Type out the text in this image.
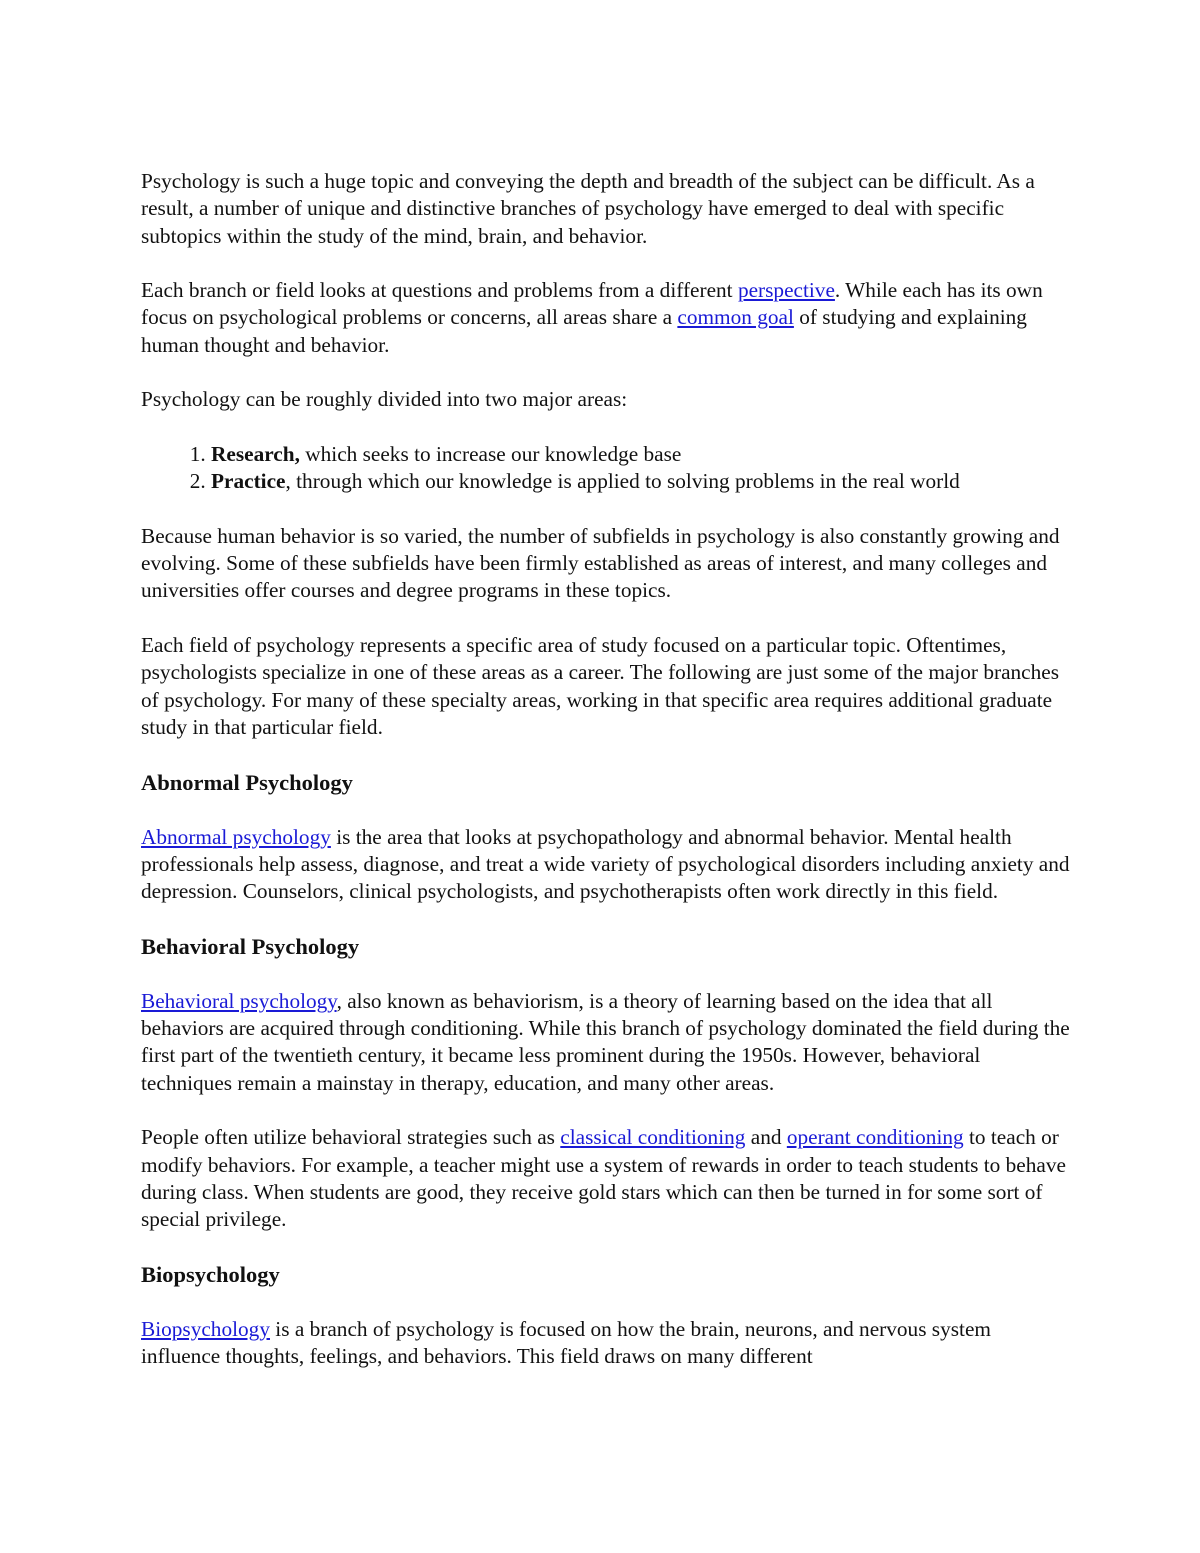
Psychology is such a huge topic and conveying the depth and breadth of the subject can be difficult. As a result, a number of unique and distinctive branches of psychology have emerged to deal with specific subtopics within the study of the mind, brain, and behavior.

Each branch or field looks at questions and problems from a different perspective. While each has its own focus on psychological problems or concerns, all areas share a common goal of studying and explaining human thought and behavior.

Psychology can be roughly divided into two major areas:

1. Research, which seeks to increase our knowledge base
2. Practice, through which our knowledge is applied to solving problems in the real world

Because human behavior is so varied, the number of subfields in psychology is also constantly growing and evolving. Some of these subfields have been firmly established as areas of interest, and many colleges and universities offer courses and degree programs in these topics.

Each field of psychology represents a specific area of study focused on a particular topic. Oftentimes, psychologists specialize in one of these areas as a career. The following are just some of the major branches of psychology. For many of these specialty areas, working in that specific area requires additional graduate study in that particular field.

Abnormal Psychology

Abnormal psychology is the area that looks at psychopathology and abnormal behavior. Mental health professionals help assess, diagnose, and treat a wide variety of psychological disorders including anxiety and depression. Counselors, clinical psychologists, and psychotherapists often work directly in this field.

Behavioral Psychology

Behavioral psychology, also known as behaviorism, is a theory of learning based on the idea that all behaviors are acquired through conditioning. While this branch of psychology dominated the field during the first part of the twentieth century, it became less prominent during the 1950s. However, behavioral techniques remain a mainstay in therapy, education, and many other areas.

People often utilize behavioral strategies such as classical conditioning and operant conditioning to teach or modify behaviors. For example, a teacher might use a system of rewards in order to teach students to behave during class. When students are good, they receive gold stars which can then be turned in for some sort of special privilege.

Biopsychology

Biopsychology is a branch of psychology is focused on how the brain, neurons, and nervous system influence thoughts, feelings, and behaviors. This field draws on many different
